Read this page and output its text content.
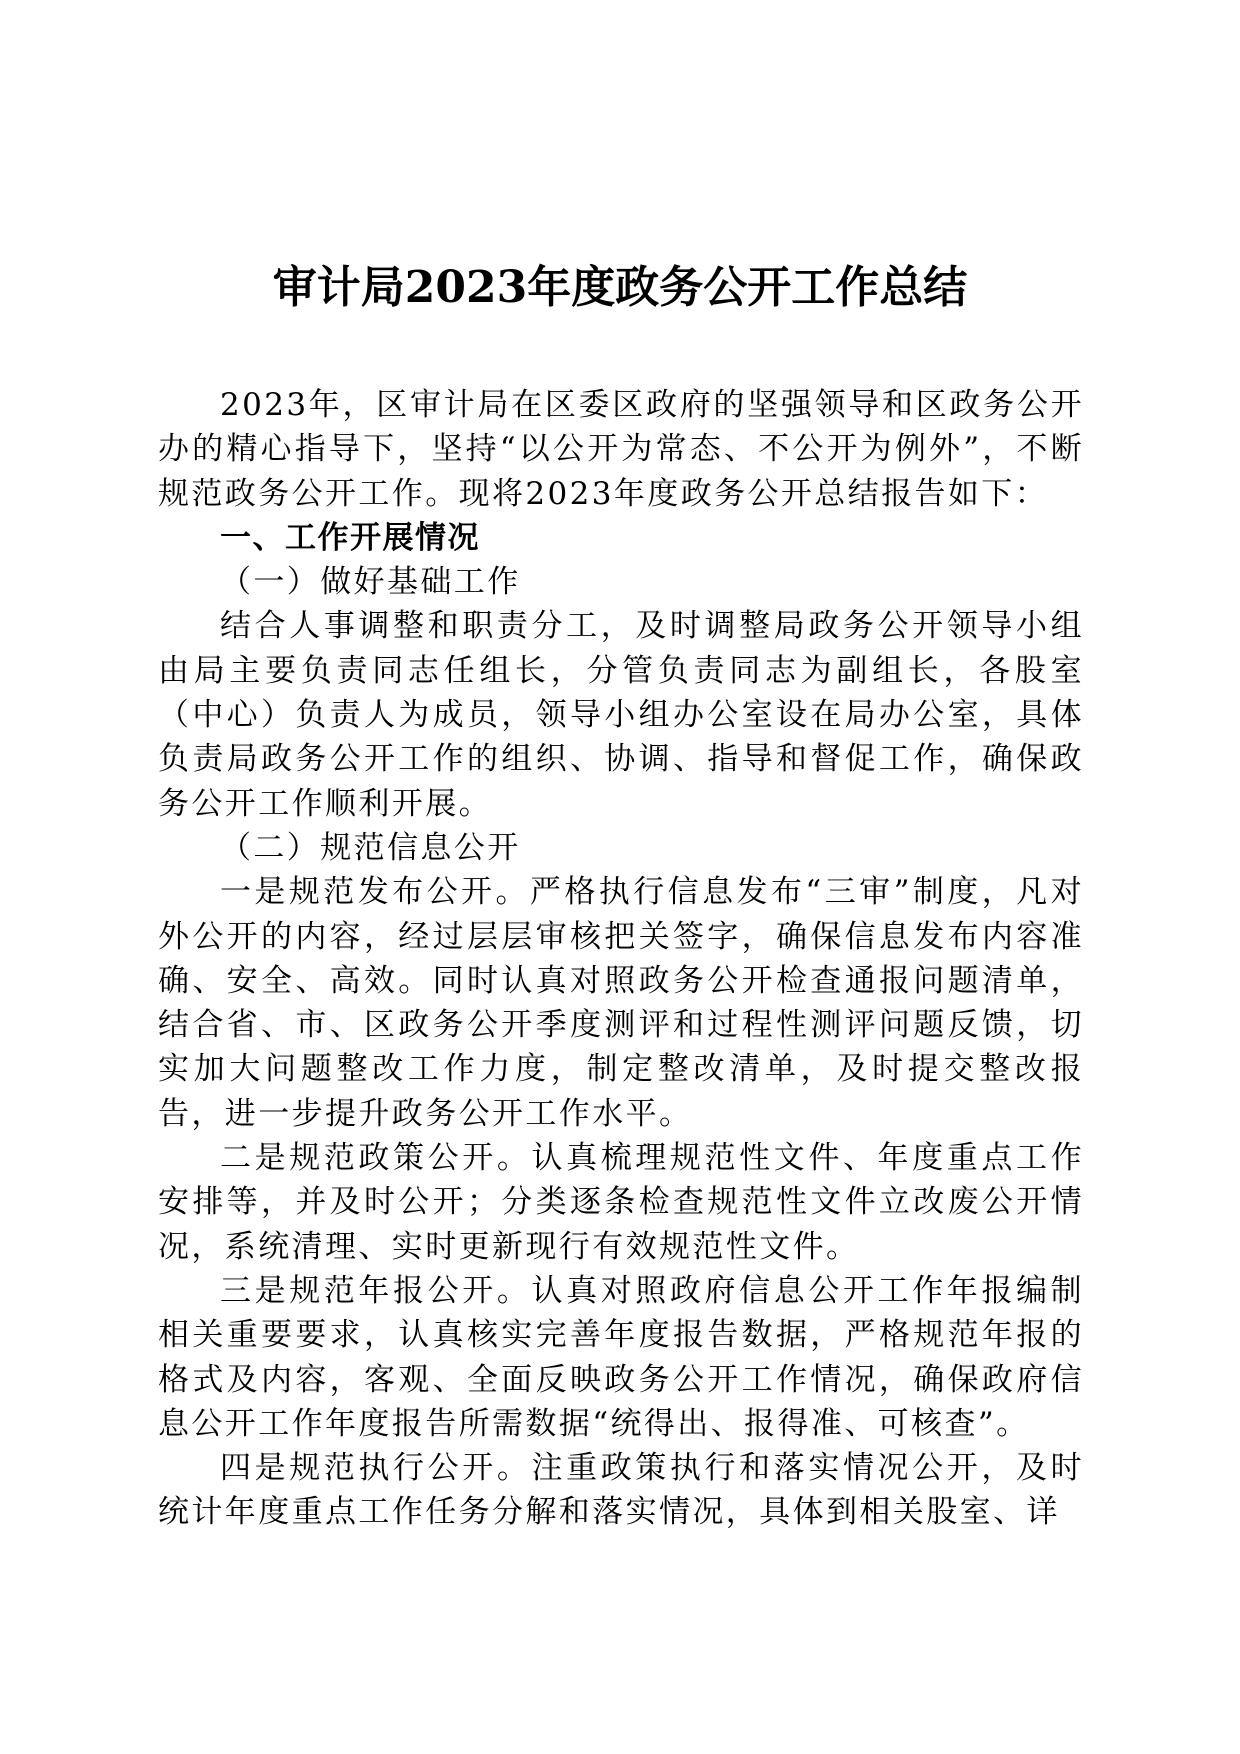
审计局2023年度政务公开工作总结

2023年，区审计局在区委区政府的坚强领导和区政务公开办的精心指导下，坚持“以公开为常态、不公开为例外”，不断规范政务公开工作。现将2023年度政务公开总结报告如下：

一、工作开展情况

（一）做好基础工作

结合人事调整和职责分工，及时调整局政务公开领导小组由局主要负责同志任组长，分管负责同志为副组长，各股室（中心）负责人为成员，领导小组办公室设在局办公室，具体负责局政务公开工作的组织、协调、指导和督促工作，确保政务公开工作顺利开展。

（二）规范信息公开

一是规范发布公开。严格执行信息发布“三审”制度，凡对外公开的内容，经过层层审核把关签字，确保信息发布内容准确、安全、高效。同时认真对照政务公开检查通报问题清单，结合省、市、区政务公开季度测评和过程性测评问题反馈，切实加大问题整改工作力度，制定整改清单，及时提交整改报告，进一步提升政务公开工作水平。

二是规范政策公开。认真梳理规范性文件、年度重点工作安排等，并及时公开；分类逐条检查规范性文件立改废公开情况，系统清理、实时更新现行有效规范性文件。

三是规范年报公开。认真对照政府信息公开工作年报编制相关重要要求，认真核实完善年度报告数据，严格规范年报的格式及内容，客观、全面反映政务公开工作情况，确保政府信息公开工作年度报告所需数据“统得出、报得准、可核查”。

四是规范执行公开。注重政策执行和落实情况公开，及时统计年度重点工作任务分解和落实情况，具体到相关股室、详
